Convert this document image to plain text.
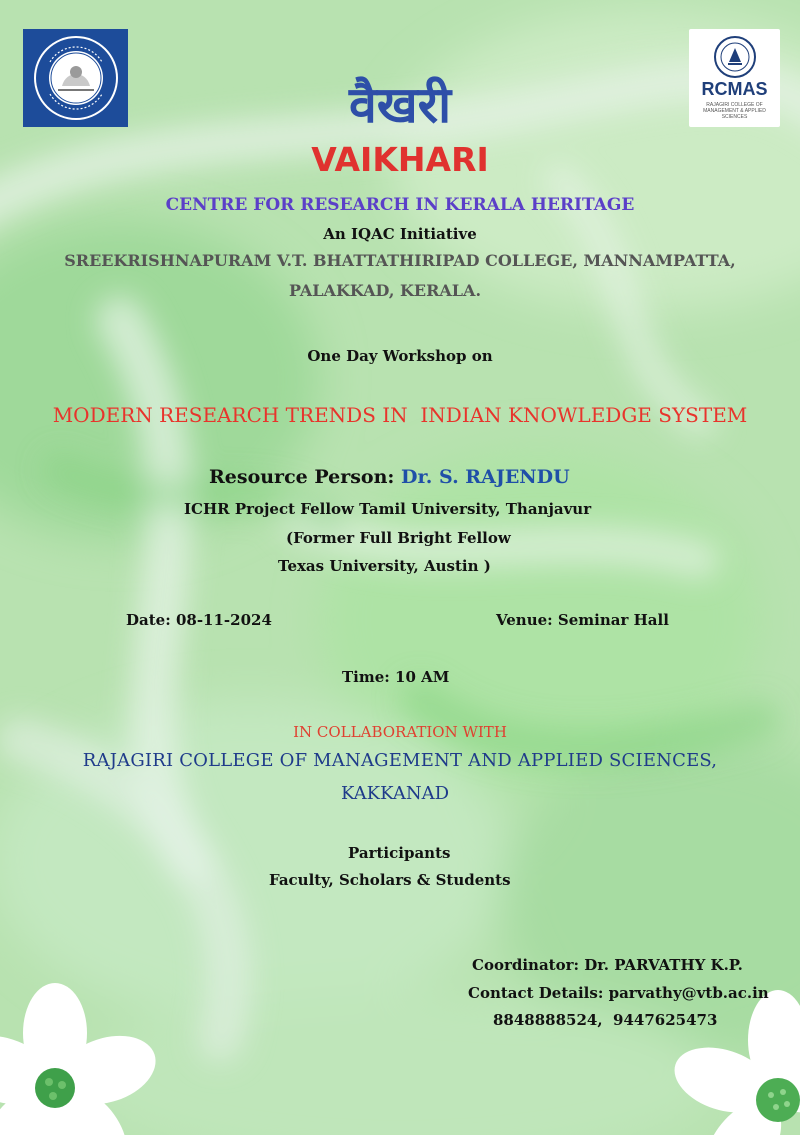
RCMAS
RAJAGIRI COLLEGE OF MANAGEMENT & APPLIED SCIENCES
वैखरी
VAIKHARI
CENTRE FOR RESEARCH IN KERALA HERITAGE
An IQAC Initiative
SREEKRISHNAPURAM V.T. BHATTATHIRIPAD COLLEGE, MANNAMPATTA,
PALAKKAD, KERALA.
One Day Workshop on
MODERN RESEARCH TRENDS IN  INDIAN KNOWLEDGE SYSTEM
Resource Person: Dr. S. RAJENDU
ICHR Project Fellow Tamil University, Thanjavur
(Former Full Bright Fellow
Texas University, Austin )
Date: 08-11-2024	Venue: Seminar Hall
Time: 10 AM
IN COLLABORATION WITH
RAJAGIRI COLLEGE OF MANAGEMENT AND APPLIED SCIENCES,
KAKKANAD
Participants
Faculty, Scholars & Students
Coordinator: Dr. PARVATHY K.P.
Contact Details: parvathy@vtb.ac.in
8848888524,  9447625473
